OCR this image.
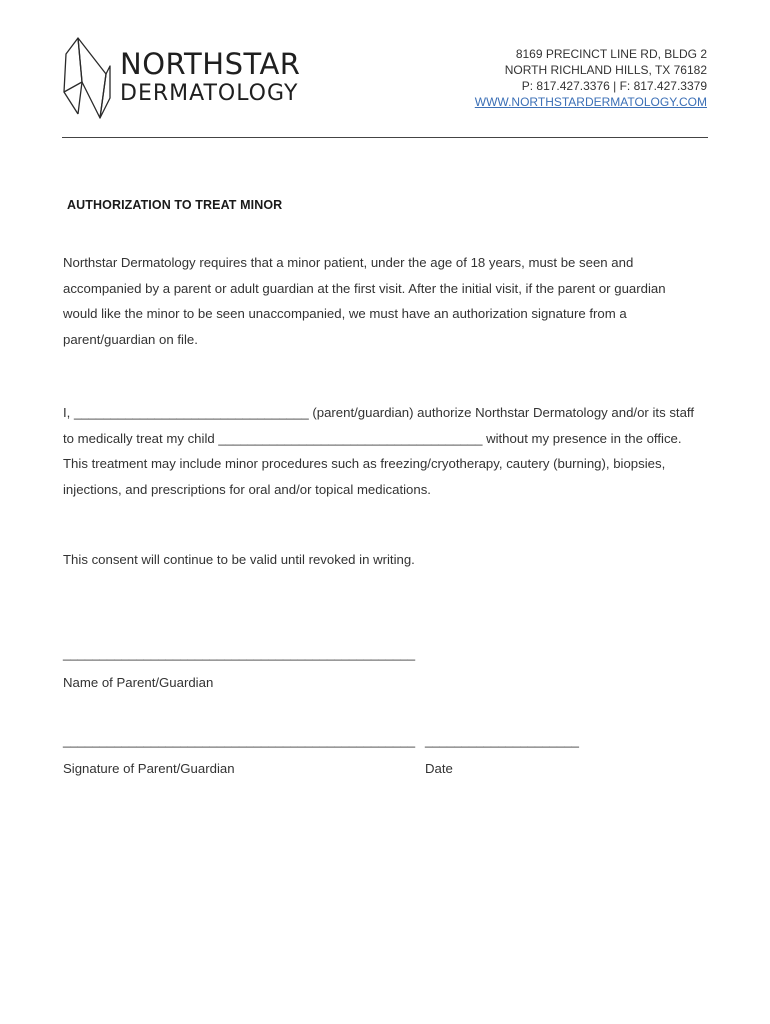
NORTHSTAR
DERMATOLOGY
8169 PRECINCT LINE RD, BLDG 2
NORTH RICHLAND HILLS, TX 76182
P: 817.427.3376 | F: 817.427.3379
WWW.NORTHSTARDERMATOLOGY.COM
AUTHORIZATION TO TREAT MINOR
Northstar Dermatology requires that a minor patient, under the age of 18 years, must be seen and
accompanied by a parent or adult guardian at the first visit. After the initial visit, if the parent or guardian
would like the minor to be seen unaccompanied, we must have an authorization signature from a
parent/guardian on file.
I, ________________________________ (parent/guardian) authorize Northstar Dermatology and/or its staff
to medically treat my child ____________________________________ without my presence in the office.
This treatment may include minor procedures such as freezing/cryotherapy, cautery (burning), biopsies,
injections, and prescriptions for oral and/or topical medications.
This consent will continue to be valid until revoked in writing.
________________________________________________
Name of Parent/Guardian
________________________________________________
Signature of Parent/Guardian
_____________________
Date
